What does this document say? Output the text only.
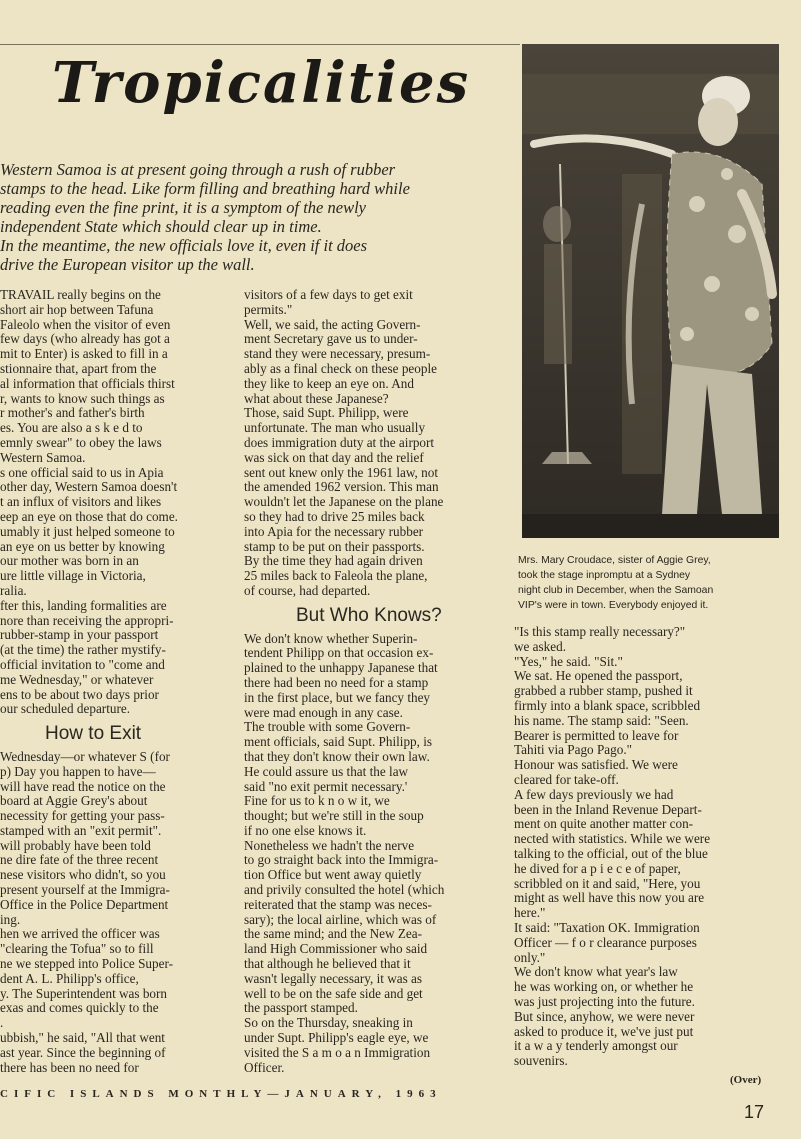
Tropicalities

Western Samoa is at present going through a rush of rubber

stamps to the head. Like form filling and breathing hard while

reading even the fine print, it is a symptom of the newly

independent State which should clear up in time.

In the meantime, the new officials love it, even if it does

drive the European visitor up the wall.

TRAVAIL really begins on the

short air hop between Tafuna

Faleolo when the visitor of even

few days (who already has got a

mit to Enter) is asked to fill in a

stionnaire that, apart from the

al information that officials thirst

r, wants to know such things as

r mother's and father's birth

es. You are also a s k e d to

emnly swear" to obey the laws

Western Samoa.

s one official said to us in Apia

other day, Western Samoa doesn't

t an influx of visitors and likes

eep an eye on those that do come.

umably it just helped someone to

an eye on us better by knowing

our mother was born in an

ure little village in Victoria,

ralia.

fter this, landing formalities are

nore than receiving the appropri-

rubber-stamp in your passport

(at the time) the rather mystify-

official invitation to "come and

me Wednesday," or whatever

ens to be about two days prior

our scheduled departure.

How to Exit

Wednesday—or whatever S (for

p) Day you happen to have—

will have read the notice on the

board at Aggie Grey's about

necessity for getting your pass-

stamped with an "exit permit".

will probably have been told

ne dire fate of the three recent

nese visitors who didn't, so you

present yourself at the Immigra-

Office in the Police Department

ing.

hen we arrived the officer was

"clearing the Tofua" so to fill

ne we stepped into Police Super-

dent A. L. Philipp's office,

y. The Superintendent was born

exas and comes quickly to the

.

ubbish," he said, "All that went

ast year. Since the beginning of

there has been no need for

visitors of a few days to get exit

permits."

Well, we said, the acting Govern-

ment Secretary gave us to under-

stand they were necessary, presum-

ably as a final check on these people

they like to keep an eye on. And

what about these Japanese?

Those, said Supt. Philipp, were

unfortunate. The man who usually

does immigration duty at the airport

was sick on that day and the relief

sent out knew only the 1961 law, not

the amended 1962 version. This man

wouldn't let the Japanese on the plane

so they had to drive 25 miles back

into Apia for the necessary rubber

stamp to be put on their passports.

By the time they had again driven

25 miles back to Faleola the plane,

of course, had departed.

But Who Knows?

We don't know whether Superin-

tendent Philipp on that occasion ex-

plained to the unhappy Japanese that

there had been no need for a stamp

in the first place, but we fancy they

were mad enough in any case.

The trouble with some Govern-

ment officials, said Supt. Philipp, is

that they don't know their own law.

He could assure us that the law

said "no exit permit necessary.'

Fine for us to k n o w it, we

thought; but we're still in the soup

if no one else knows it.

Nonetheless we hadn't the nerve

to go straight back into the Immigra-

tion Office but went away quietly

and privily consulted the hotel (which

reiterated that the stamp was neces-

sary); the local airline, which was of

the same mind; and the New Zea-

land High Commissioner who said

that although he believed that it

wasn't legally necessary, it was as

well to be on the safe side and get

the passport stamped.

So on the Thursday, sneaking in

under Supt. Philipp's eagle eye, we

visited the S a m o a n Immigration

Officer.

Mrs. Mary Croudace, sister of Aggie Grey,

took the stage inpromptu at a Sydney

night club in December, when the Samoan

VIP's were in town. Everybody enjoyed it.

"Is this stamp really necessary?"

we asked.

"Yes," he said. "Sit."

We sat. He opened the passport,

grabbed a rubber stamp, pushed it

firmly into a blank space, scribbled

his name. The stamp said: "Seen.

Bearer is permitted to leave for

Tahiti via Pago Pago."

Honour was satisfied. We were

cleared for take-off.

A few days previously we had

been in the Inland Revenue Depart-

ment on quite another matter con-

nected with statistics. While we were

talking to the official, out of the blue

he dived for a p i e c e of paper,

scribbled on it and said, "Here, you

might as well have this now you are

here."

It said: "Taxation OK. Immigration

Officer — f o r clearance purposes

only."

We don't know what year's law

he was working on, or whether he

was just projecting into the future.

But since, anyhow, we were never

asked to produce it, we've just put

it a w a y tenderly amongst our

souvenirs.

(Over)
CIFIC ISLANDS MONTHLY—JANUARY, 1963
17
